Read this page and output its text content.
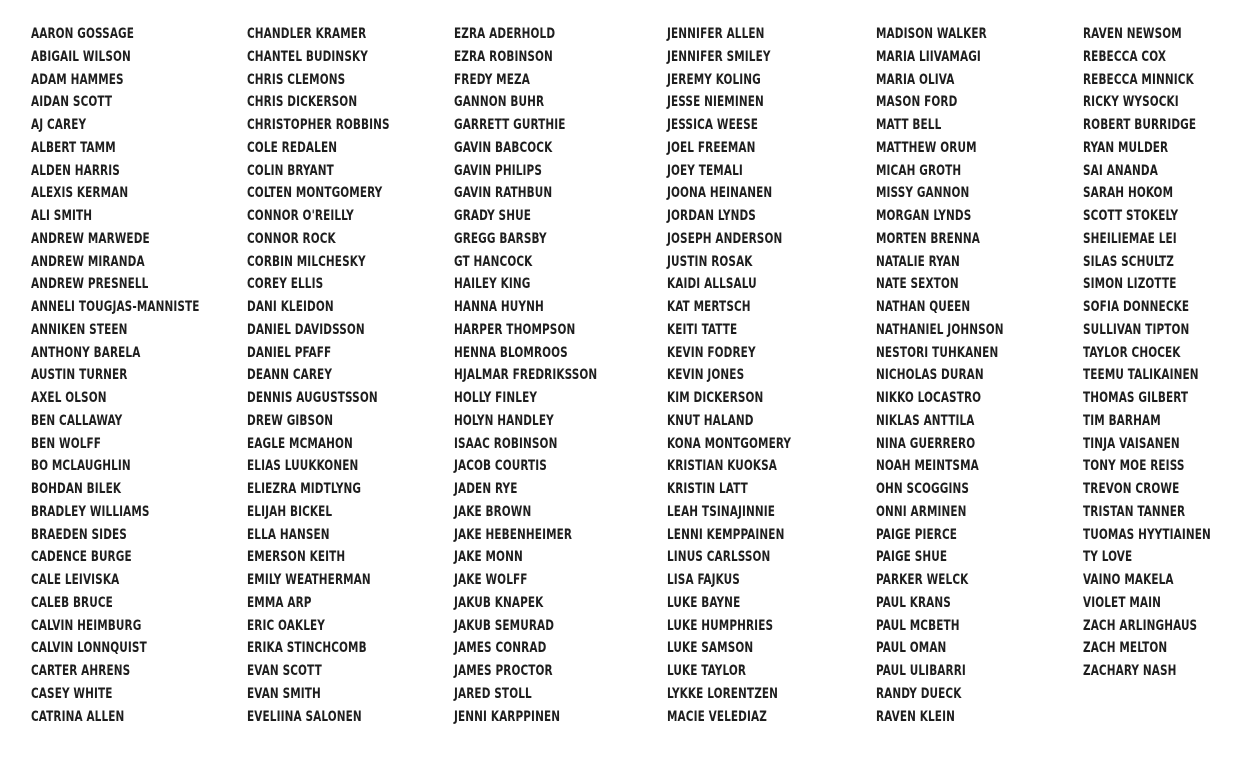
AARON GOSSAGE
ABIGAIL WILSON
ADAM HAMMES
AIDAN SCOTT
AJ CAREY
ALBERT TAMM
ALDEN HARRIS
ALEXIS KERMAN
ALI SMITH
ANDREW MARWEDE
ANDREW MIRANDA
ANDREW PRESNELL
ANNELI TOUGJAS-MANNISTE
ANNIKEN STEEN
ANTHONY BARELA
AUSTIN TURNER
AXEL OLSON
BEN CALLAWAY
BEN WOLFF
BO MCLAUGHLIN
BOHDAN BILEK
BRADLEY WILLIAMS
BRAEDEN SIDES
CADENCE BURGE
CALE LEIVISKA
CALEB BRUCE
CALVIN HEIMBURG
CALVIN LONNQUIST
CARTER AHRENS
CASEY WHITE
CATRINA ALLEN
CHANDLER KRAMER
CHANTEL BUDINSKY
CHRIS CLEMONS
CHRIS DICKERSON
CHRISTOPHER ROBBINS
COLE REDALEN
COLIN BRYANT
COLTEN MONTGOMERY
CONNOR O'REILLY
CONNOR ROCK
CORBIN MILCHESKY
COREY ELLIS
DANI KLEIDON
DANIEL DAVIDSSON
DANIEL PFAFF
DEANN CAREY
DENNIS AUGUSTSSON
DREW GIBSON
EAGLE MCMAHON
ELIAS LUUKKONEN
ELIEZRA MIDTLYNG
ELIJAH BICKEL
ELLA HANSEN
EMERSON KEITH
EMILY WEATHERMAN
EMMA ARP
ERIC OAKLEY
ERIKA STINCHCOMB
EVAN SCOTT
EVAN SMITH
EVELIINA SALONEN
EZRA ADERHOLD
EZRA ROBINSON
FREDY MEZA
GANNON BUHR
GARRETT GURTHIE
GAVIN BABCOCK
GAVIN PHILIPS
GAVIN RATHBUN
GRADY SHUE
GREGG BARSBY
GT HANCOCK
HAILEY KING
HANNA HUYNH
HARPER THOMPSON
HENNA BLOMROOS
HJALMAR FREDRIKSSON
HOLLY FINLEY
HOLYN HANDLEY
ISAAC ROBINSON
JACOB COURTIS
JADEN RYE
JAKE BROWN
JAKE HEBENHEIMER
JAKE MONN
JAKE WOLFF
JAKUB KNAPEK
JAKUB SEMURAD
JAMES CONRAD
JAMES PROCTOR
JARED STOLL
JENNI KARPPINEN
JENNIFER ALLEN
JENNIFER SMILEY
JEREMY KOLING
JESSE NIEMINEN
JESSICA WEESE
JOEL FREEMAN
JOEY TEMALI
JOONA HEINANEN
JORDAN LYNDS
JOSEPH ANDERSON
JUSTIN ROSAK
KAIDI ALLSALU
KAT MERTSCH
KEITI TATTE
KEVIN FODREY
KEVIN JONES
KIM DICKERSON
KNUT HALAND
KONA MONTGOMERY
KRISTIAN KUOKSA
KRISTIN LATT
LEAH TSINAJINNIE
LENNI KEMPPAINEN
LINUS CARLSSON
LISA FAJKUS
LUKE BAYNE
LUKE HUMPHRIES
LUKE SAMSON
LUKE TAYLOR
LYKKE LORENTZEN
MACIE VELEDIAZ
MADISON WALKER
MARIA LIIVAMAGI
MARIA OLIVA
MASON FORD
MATT BELL
MATTHEW ORUM
MICAH GROTH
MISSY GANNON
MORGAN LYNDS
MORTEN BRENNA
NATALIE RYAN
NATE SEXTON
NATHAN QUEEN
NATHANIEL JOHNSON
NESTORI TUHKANEN
NICHOLAS DURAN
NIKKO LOCASTRO
NIKLAS ANTTILA
NINA GUERRERO
NOAH MEINTSMA
OHN SCOGGINS
ONNI ARMINEN
PAIGE PIERCE
PAIGE SHUE
PARKER WELCK
PAUL KRANS
PAUL MCBETH
PAUL OMAN
PAUL ULIBARRI
RANDY DUECK
RAVEN KLEIN
RAVEN NEWSOM
REBECCA COX
REBECCA MINNICK
RICKY WYSOCKI
ROBERT BURRIDGE
RYAN MULDER
SAI ANANDA
SARAH HOKOM
SCOTT STOKELY
SHEILIEMAE LEI
SILAS SCHULTZ
SIMON LIZOTTE
SOFIA DONNECKE
SULLIVAN TIPTON
TAYLOR CHOCEK
TEEMU TALIKAINEN
THOMAS GILBERT
TIM BARHAM
TINJA VAISANEN
TONY MOE REISS
TREVON CROWE
TRISTAN TANNER
TUOMAS HYYTIAINEN
TY LOVE
VAINO MAKELA
VIOLET MAIN
ZACH ARLINGHAUS
ZACH MELTON
ZACHARY NASH
